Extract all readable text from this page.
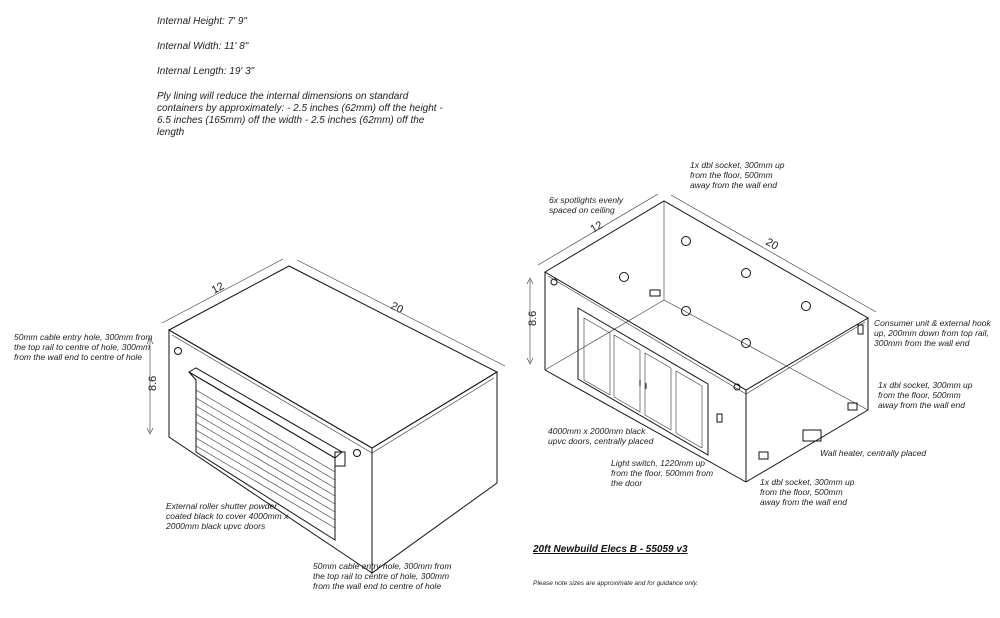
Internal Height: 7' 9"
Internal Width: 11' 8"
Internal Length: 19' 3"
Ply lining will reduce the internal dimensions on standard containers by approximately: - 2.5 inches (62mm) off the height - 6.5 inches (165mm) off the width - 2.5 inches (62mm) off the length
12
20
8.6
12
20
8.6
50mm cable entry hole, 300mm from the top rail to centre of hole, 300mm from the wall end to centre of hole
External roller shutter powder coated black to cover 4000mm x 2000mm black upvc doors
50mm cable entry hole, 300mm from the top rail to centre of hole, 300mm from the wall end to centre of hole
1x dbl socket, 300mm up from the floor, 500mm away from the wall end
6x spotlights evenly spaced on ceiling
Consumer unit & external hook up, 200mm down from top rail, 300mm from the wall end
1x dbl socket, 300mm up from the floor, 500mm away from the wall end
4000mm x 2000mm black upvc doors, centrally placed
Light switch, 1220mm up from the floor, 500mm from the door
Wall heater, centrally placed
1x dbl socket, 300mm up from the floor, 500mm away from the wall end
20ft Newbuild Elecs B - 55059 v3
Please note sizes are approximate and for guidance only.
